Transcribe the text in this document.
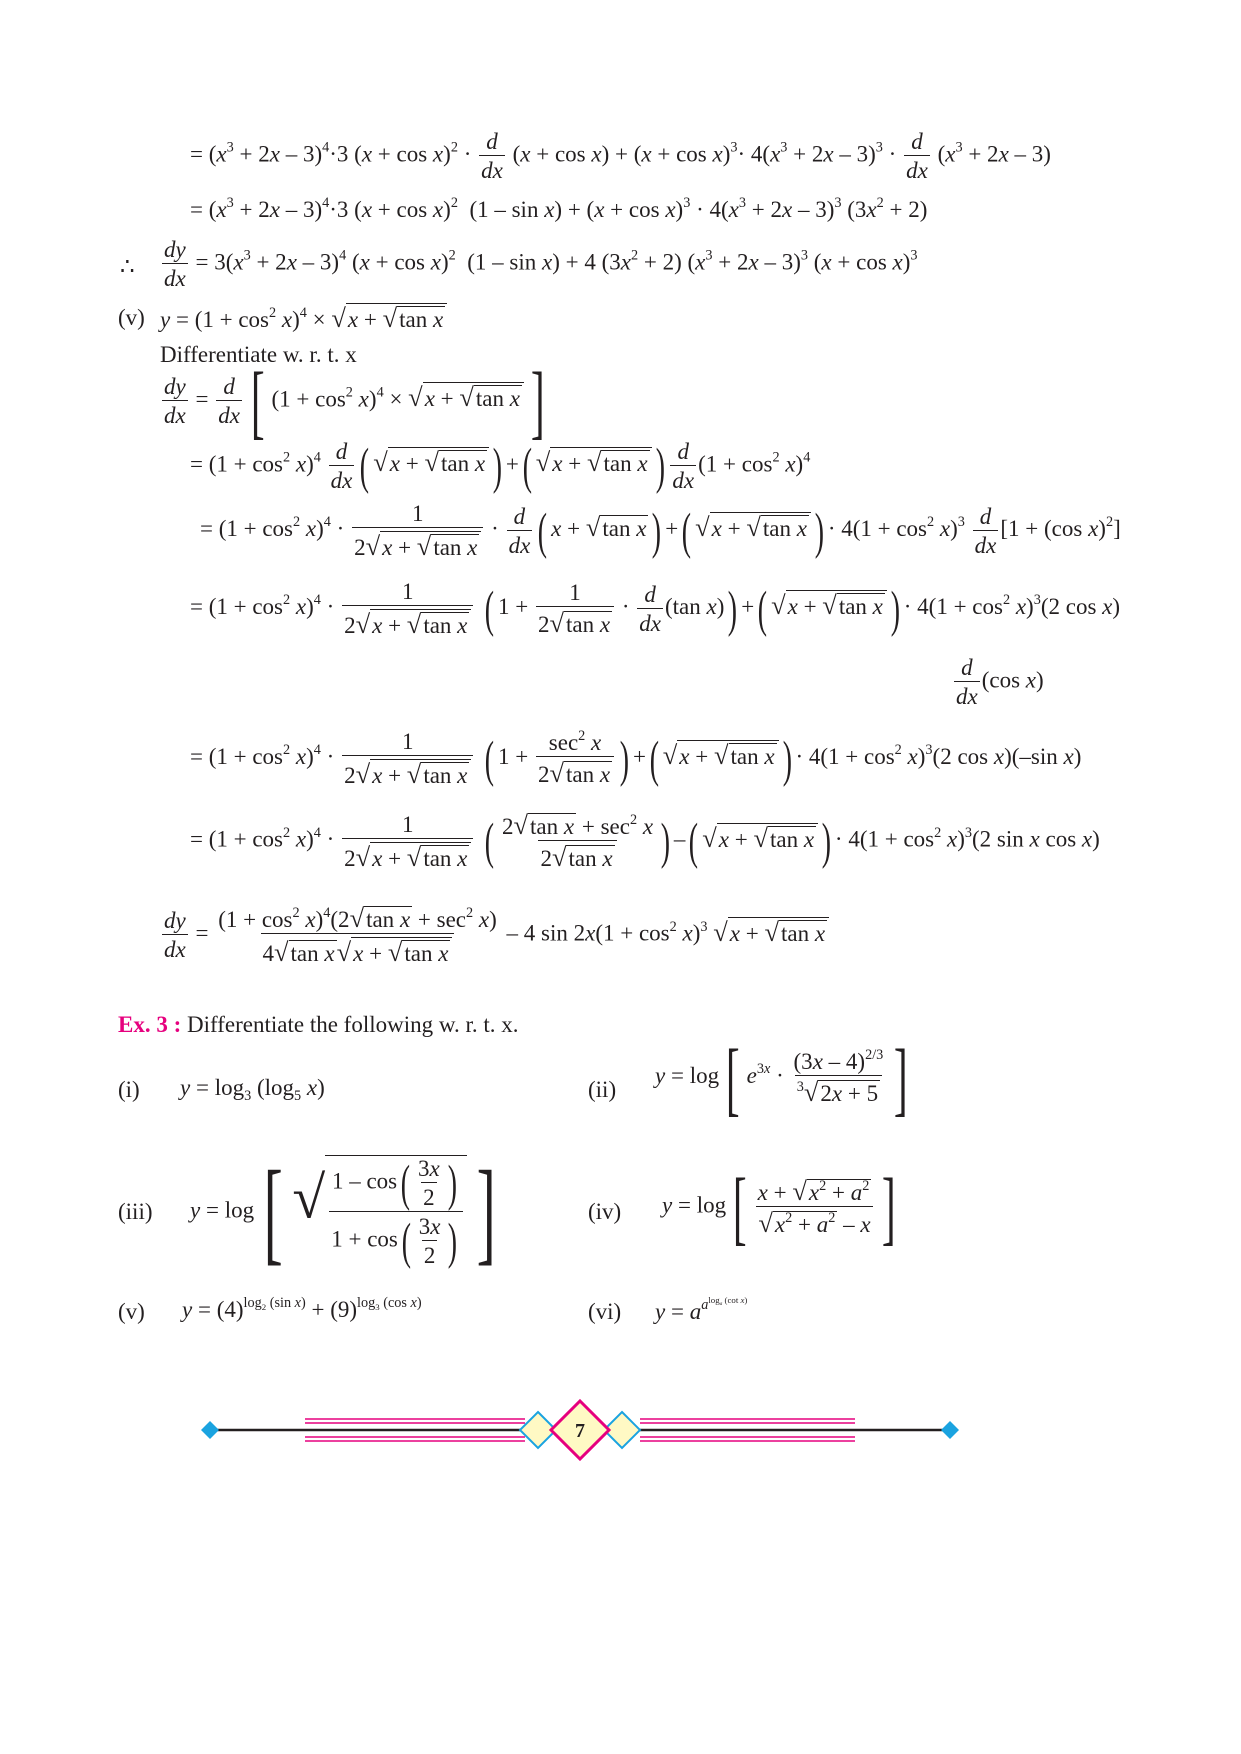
= $(x^3 + 2x - 3)^4\cdot 3$ $(x + \cos x)^2 \cdot \frac{d}{dx} (x + \cos x) + (x + \cos x)^3\cdot 4(x^3 + 2x - 3)^3 \cdot \frac{d}{dx} (x^3 + 2x - 3)$
= $(x^3 + 2x - 3)^4\cdot 3$ $(x + \cos x)^2$  $(1 - \sin x) + (x + \cos x)^3 \cdot 4(x^3 + 2x - 3)^3$ $(3x^2 + 2)$
∴ $\frac{dy}{dx} = 3(x^3 + 2x - 3)^4$ $(x + \cos x)^2$  (1 – sin x) + 4 $(3x^2 + 2) (x^3 + 2x - 3)^3$ $(x + \cos x)^3$
(v) $y = (1 + \cos^2 x)^4 \times √x + √\tan$ x
Differentiate w. r. t. x
$\frac{dy}{dx} = \frac{d}{dx}$ [ $(1 + \cos^2 x)^4 \times √x + √\tan$ x ]
= $(1 + \cos^2 x)^4 \frac{d}{dx}$ ( √x + √tan x ) +( √x + √tan x ) $\frac{d}{dx} (1 + \cos^2 x)^4$
= $(1 + \cos^2 x)^4 \cdot \frac{1}{\text{2√x + √tan x}} \cdot \frac{d}{dx}$ ( x + √tan x ) +( √x + √tan x ) · $4(1 + \cos^2 x)^3 \frac{d}{dx} [1 + (\cos$ x)$^2$]
= $(1 + \cos^2 x)^4 \cdot \frac{1}{\text{2√x + √tan x}}$ ( $1 + \frac{1}{\text{2√tan x}} \cdot \frac{d}{dx} (\tan$ x)) +( √x + √tan x ) · $4(1 + \cos^2 x)^3(2$ cos x)
$\frac{d}{dx} (\cos$ x)
= $(1 + \cos^2 x)^4 \cdot \frac{1}{\text{2√x + √tan x}}$ ( 1 +
$\sec^2 x$
2√tan x ) +( √x + √tan x ) · $4(1 + \cos^2 x)^3(2$ cos x)(–sin x)
= $(1 + \cos^2 x)^4 \cdot \frac{1}{\text{2√x + √tan x}}$ ( 2√tan $x + \sec^2 x$
2√tan x ) –( √x + √tan x ) · $4(1 + \cos^2 x)^3(2$ sin x cos x)
$\frac{dy}{dx}$ =
$(1 + \cos^2 x)^4(2√\tan$ $x + \sec^2 x$)
4√tan x√x + √tan x
– 4 $\sin 2x(1 + \cos^2 x)^3$ √x + √tan x
Ex. 3 : Differentiate the following w. r. t. x.
(i) $y = \log_3 (\log_5$ x)	(ii)
y = log[ $e^{3x} \cdot \frac{(3x - 4)^{2/3}}{^3√2x + 5}$ ]
(iii) y = log[ √ $\frac{1 - \cos( \frac{3x}{2} )}{1 + \cos( \frac{3x}{2} )}$ ]	(iv) $y = \log[ \frac{x + √x^2 + a^2}{√x^2 + a^2 - x}$ ]
(v) $y = (4)^{log_2 (sin x)} + (9)^{log_3 (cos x)}$	(vi) $y = a^{a^{log_a (cot x)}}$
7
